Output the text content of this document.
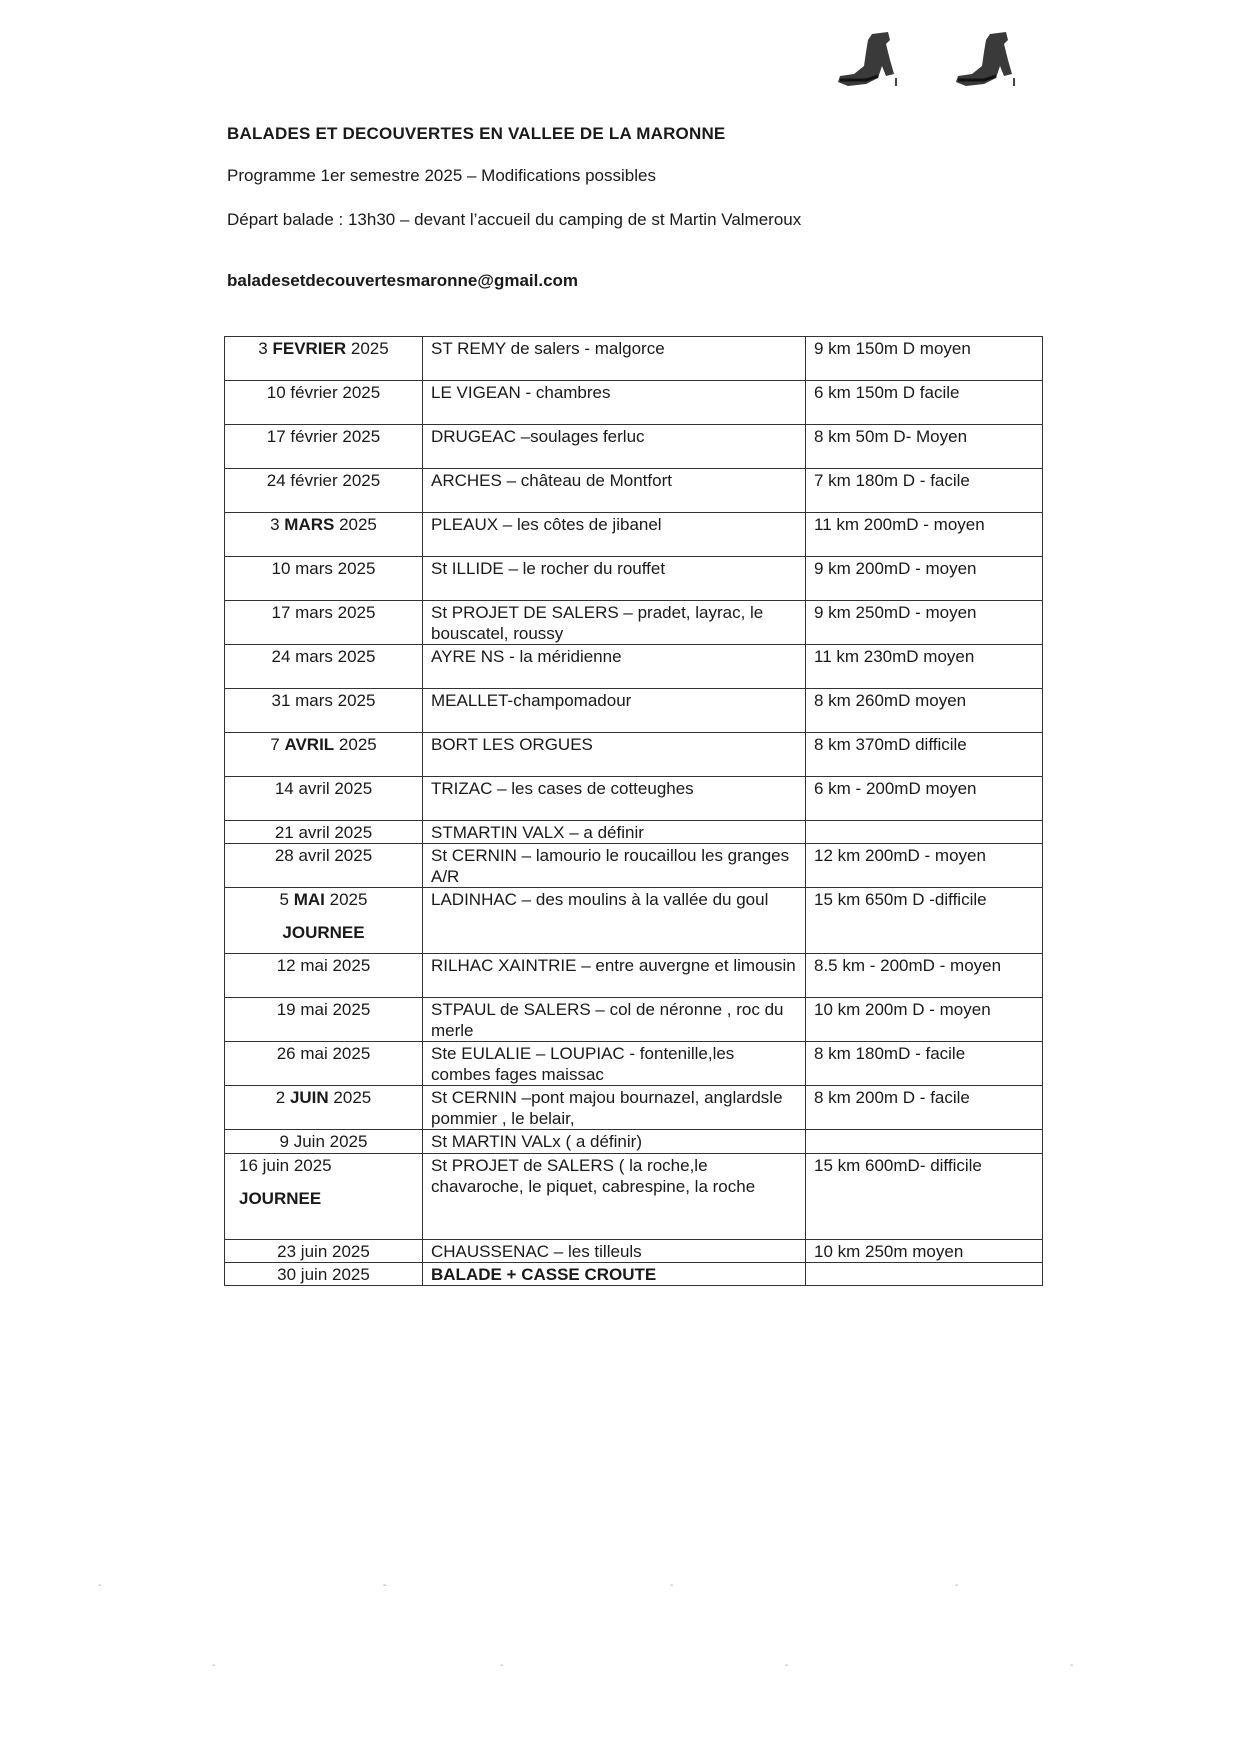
BALADES ET DECOUVERTES EN VALLEE DE LA MARONNE

Programme 1er semestre 2025 – Modifications possibles

Départ balade : 13h30 – devant l’accueil du camping de st Martin Valmeroux

baladesetdecouvertesmaronne@gmail.com

3 FEVRIER 2025	ST REMY de salers - malgorce	9 km 150m D moyen
10 février 2025	LE VIGEAN - chambres	6 km 150m D facile
17 février 2025	DRUGEAC –soulages ferluc	8 km 50m D- Moyen
24 février 2025	ARCHES – château de Montfort	7 km 180m D - facile
3 MARS 2025	PLEAUX – les côtes de jibanel	11 km 200mD - moyen
10 mars 2025	St ILLIDE – le rocher du rouffet	9 km 200mD - moyen
17 mars 2025	St PROJET DE SALERS – pradet, layrac, le bouscatel, roussy	9 km 250mD - moyen
24 mars 2025	AYRE NS - la méridienne	11 km 230mD moyen
31 mars 2025	MEALLET-champomadour	8 km 260mD moyen
7 AVRIL 2025	BORT LES ORGUES	8 km 370mD difficile
14 avril 2025	TRIZAC – les cases de cotteughes	6 km - 200mD moyen
21 avril 2025	STMARTIN VALX – a définir	
28 avril 2025	St CERNIN – lamourio le roucaillou les granges A/R	12 km 200mD - moyen

5 MAI 2025
JOURNEE	LADINHAC – des moulins à la vallée du goul	15 km 650m D -difficile
12 mai 2025	RILHAC XAINTRIE – entre auvergne et limousin	8.5 km - 200mD - moyen
19 mai 2025	STPAUL de SALERS – col de néronne , roc du merle	10 km 200m D - moyen
26 mai 2025	Ste EULALIE – LOUPIAC - fontenille,les combes fages maissac	8 km 180mD - facile
2 JUIN 2025	St CERNIN –pont majou bournazel, anglardsle pommier , le belair,	8 km 200m D - facile
9 Juin 2025	St MARTIN VALx ( a définir)	

16 juin 2025
JOURNEE	St PROJET de SALERS ( la roche,le chavaroche, le piquet, cabrespine, la roche	15 km 600mD- difficile
23 juin 2025	CHAUSSENAC – les tilleuls	10 km 250m moyen
30 juin 2025	BALADE + CASSE CROUTE	
-	-	-	-
-	-	-	-
